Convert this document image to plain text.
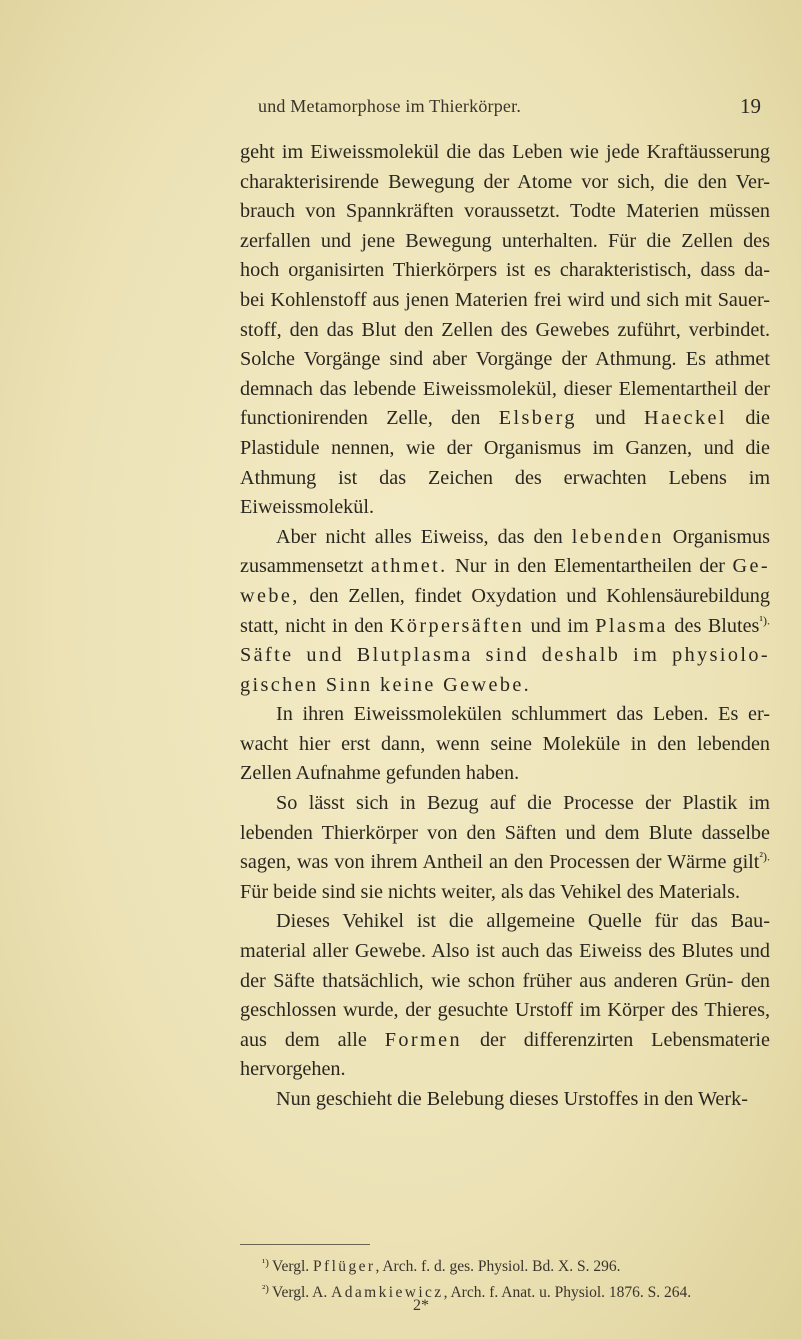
und Metamorphose im Thierkörper.	19

geht im Eiweissmolekül die das Leben wie jede Kraftäusserung charakterisirende Bewegung der Atome vor sich, die den Ver- brauch von Spannkräften voraussetzt. Todte Materien müssen zerfallen und jene Bewegung unterhalten. Für die Zellen des hoch organisirten Thierkörpers ist es charakteristisch, dass da- bei Kohlenstoff aus jenen Materien frei wird und sich mit Sauer- stoff, den das Blut den Zellen des Gewebes zuführt, verbindet. Solche Vorgänge sind aber Vorgänge der Athmung. Es athmet demnach das lebende Eiweissmolekül, dieser Elementartheil der functionirenden Zelle, den Elsberg und Haeckel die Plastidule nennen, wie der Organismus im Ganzen, und die Athmung ist das Zeichen des erwachten Lebens im Eiweissmolekül.

Aber nicht alles Eiweiss, das den lebenden Organismus zusammensetzt athmet. Nur in den Elementartheilen der Ge- webe, den Zellen, findet Oxydation und Kohlensäurebildung statt, nicht in den Körpersäften und im Plasma des Blutes$^{^1).}$ Säfte und Blutplasma sind deshalb im physiolo- gischen Sinn keine Gewebe.

In ihren Eiweissmolekülen schlummert das Leben. Es er- wacht hier erst dann, wenn seine Moleküle in den lebenden Zellen Aufnahme gefunden haben.

So lässt sich in Bezug auf die Processe der Plastik im lebenden Thierkörper von den Säften und dem Blute dasselbe sagen, was von ihrem Antheil an den Processen der Wärme gilt$^{^2).}$ Für beide sind sie nichts weiter, als das Vehikel des Materials.

Dieses Vehikel ist die allgemeine Quelle für das Bau- material aller Gewebe. Also ist auch das Eiweiss des Blutes und der Säfte thatsächlich, wie schon früher aus anderen Grün- den geschlossen wurde, der gesuchte Urstoff im Körper des Thieres, aus dem alle Formen der differenzirten Lebensmaterie hervorgehen.

Nun geschieht die Belebung dieses Urstoffes in den Werk-

$^{^1)}$ Vergl. Pflüger, Arch. f. d. ges. Physiol. Bd. X. S. 296.
$^{^2)}$ Vergl. A. Adamkiewicz, Arch. f. Anat. u. Physiol. 1876. S. 264.
2*
